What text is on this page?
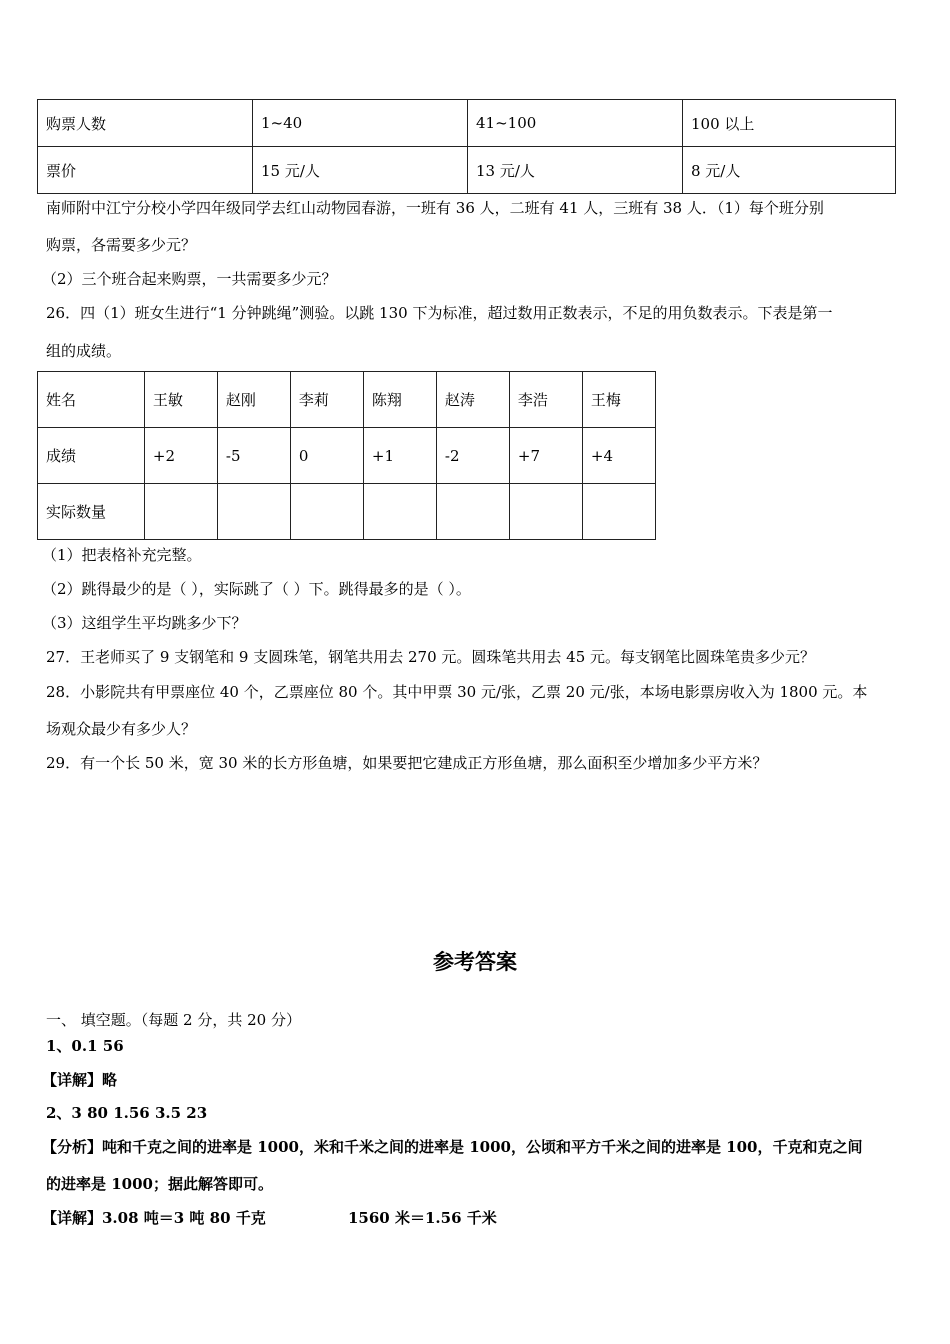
购票人数	1~40	41~100	100 以上
票价	15 元/人	13 元/人	8 元/人
南师附中江宁分校小学四年级同学去红山动物园春游，一班有 36 人，二班有 41 人，三班有 38 人．（1）每个班分别
购票，各需要多少元？
（2）三个班合起来购票，一共需要多少元？
26．四（1）班女生进行“1 分钟跳绳”测验。以跳 130 下为标准，超过数用正数表示，不足的用负数表示。下表是第一
组的成绩。
姓名	王敏	赵刚	李莉	陈翔	赵涛	李浩	王梅
成绩	+2	-5	0	+1	-2	+7	+4
实际数量							
（1）把表格补充完整。
（2）跳得最少的是（ ），实际跳了（ ）下。跳得最多的是（ ）。
（3）这组学生平均跳多少下？
27．王老师买了 9 支钢笔和 9 支圆珠笔，钢笔共用去 270 元。圆珠笔共用去 45 元。每支钢笔比圆珠笔贵多少元？
28．小影院共有甲票座位 40 个，乙票座位 80 个。其中甲票 30 元/张，乙票 20 元/张，本场电影票房收入为 1800 元。本
场观众最少有多少人？
29．有一个长 50 米，宽 30 米的长方形鱼塘，如果要把它建成正方形鱼塘，那么面积至少增加多少平方米？
参考答案
一、 填空题。（每题 2 分，共 20 分）
1、0.1 56
【详解】略
2、3 80 1.56 3.5 23
【分析】吨和千克之间的进率是 1000，米和千米之间的进率是 1000，公顷和平方千米之间的进率是 100，千克和克之间
的进率是 1000；据此解答即可。
【详解】3.08 吨＝3 吨 80 千克	1560 米＝1.56 千米
